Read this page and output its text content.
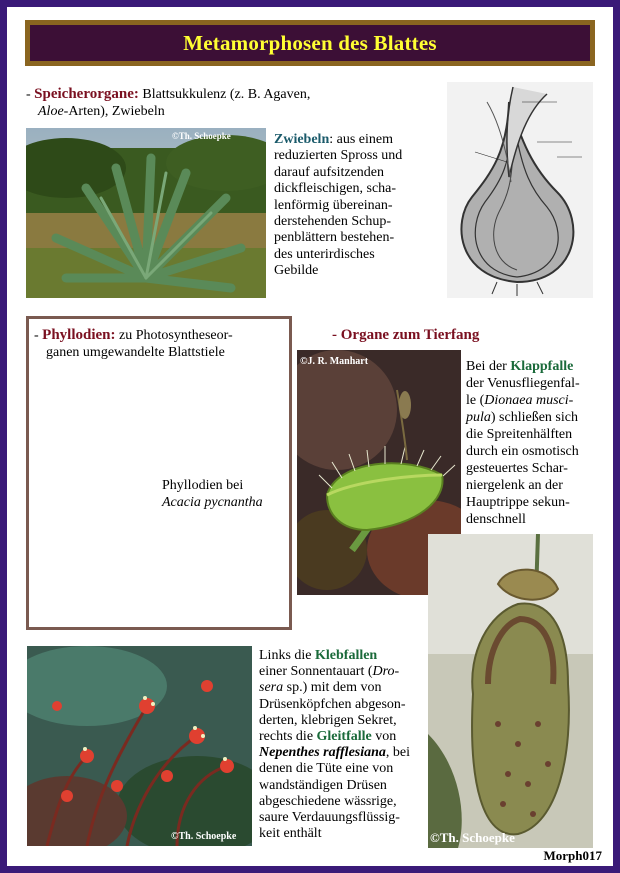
Metamorphosen des Blattes
- Speicherorgane: Blattsukkulenz (z. B. Agaven,
Aloe-Arten), Zwiebeln
©Th. Schoepke	Zwiebeln: aus einem
reduzierten Spross und
darauf aufsitzenden
dickfleischigen, scha-
lenförmig übereinan-
derstehenden Schup-
penblättern bestehen-
des unterirdisches
Gebilde
- Phyllodien: zu Photosyntheseor-
ganen umgewandelte Blattstiele
Phyllodien bei
Acacia pycnantha
- Organe zum Tierfang
©J. R. Manhart	Bei der Klappfalle
der Venusfliegenfal-
le (Dionaea musci-
pula) schließen sich
die Spreitenhälften
durch ein osmotisch
gesteuertes Schar-
niergelenk an der
Hauptrippe sekun-
denschnell
©Th. Schoepke
©Th. Schoepke
Links die Klebfallen
einer Sonnentauart (Dro-
sera sp.) mit dem von
Drüsenköpfchen abgeson-
derten, klebrigen Sekret,
rechts die Gleitfalle von
Nepenthes rafflesiana, bei
denen die Tüte eine von
wandständigen Drüsen
abgeschiedene wässrige,
saure Verdauungsflüssig-
keit enthält
Morph017
